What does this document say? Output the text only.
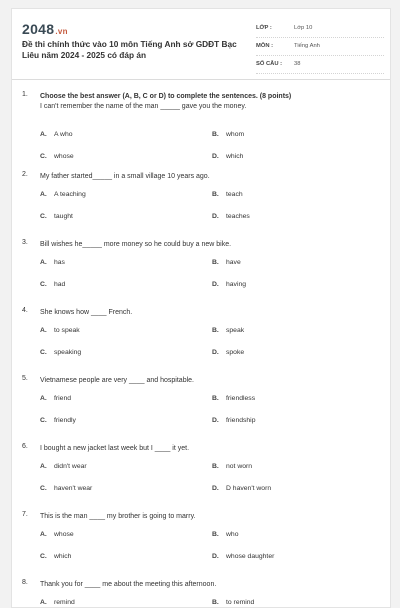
2048.vn
Đề thi chính thức vào 10 môn Tiếng Anh sở GDĐT Bạc Liêu năm 2024 - 2025 có đáp án
LỚP :	Lớp 10
MÔN :	Tiếng Anh
SỐ CÂU : 38
1. Choose the best answer (A, B, C or D) to complete the sentences. (8 points)
I can't remember the name of the man _____ gave you the money.
A. A who	B. whom
C. whose	D. which
2. My father started_____ in a small village 10 years ago.
A. A teaching	B. teach
C. taught	D. teaches
3. Bill wishes he_____ more money so he could buy a new bike.
A. has	B. have
C. had	D. having
4. She knows how ____ French.
A. to speak	B. speak
C. speaking	D. spoke
5. Vietnamese people are very ____ and hospitable.
A. friend	B. friendless
C. friendly	D. friendship
6. I bought a new jacket last week but I ____ it yet.
A. didn't wear	B. not worn
C. haven't wear	D. D haven't worn
7. This is the man ____ my brother is going to marry.
A. whose	B. who
C. which	D. whose daughter
8. Thank you for ____ me about the meeting this afternoon.
A. remind	B. to remind
